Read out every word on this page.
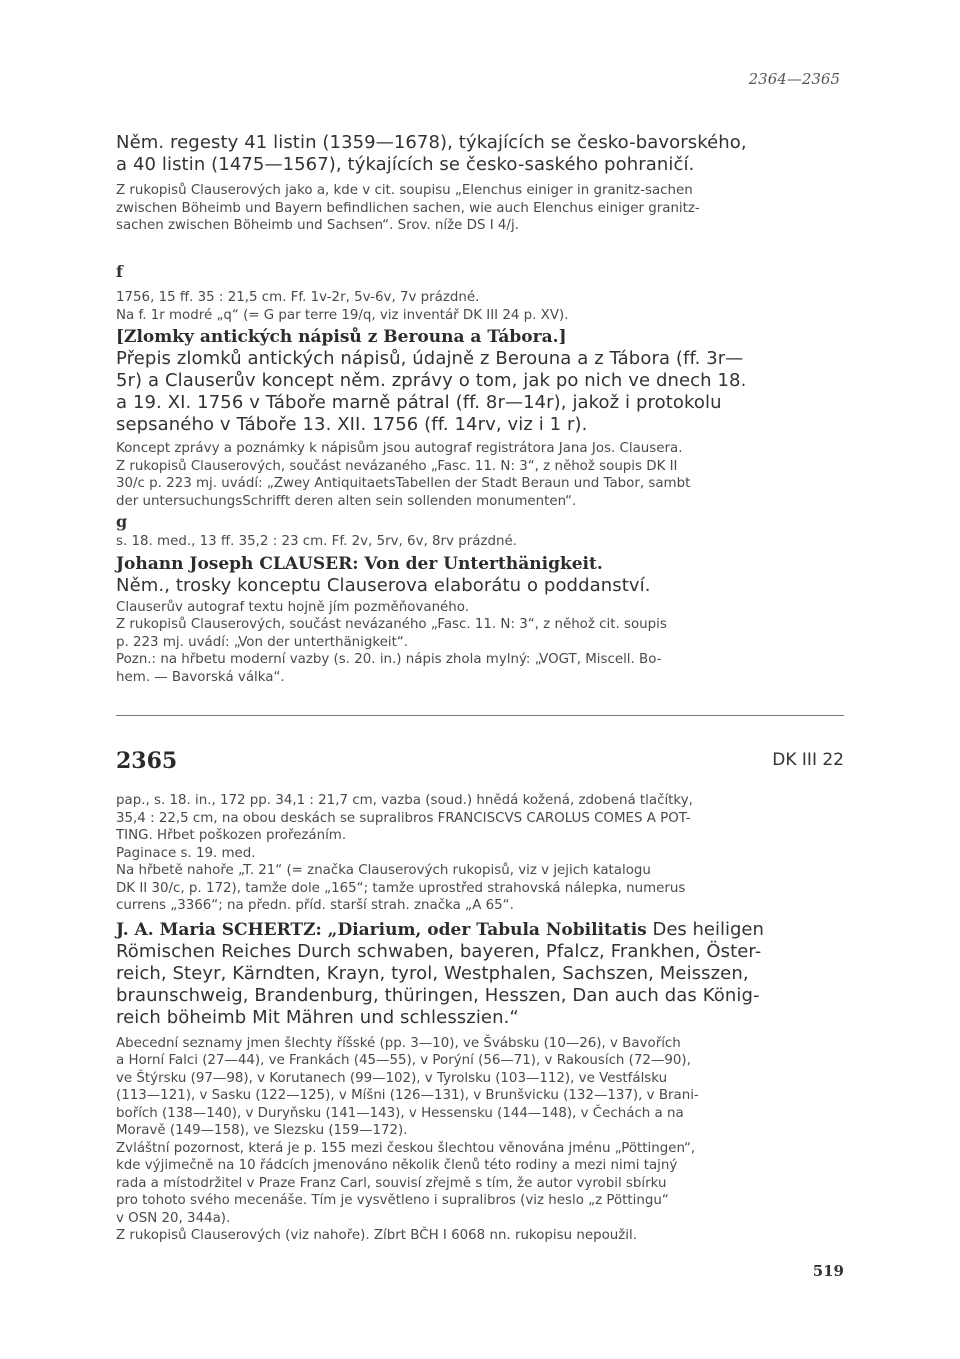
2364—2365

Něm. regesty 41 listin (1359—1678), týkajících se česko-bavorského,

a 40 listin (1475—1567), týkajících se česko-saského pohraničí.

Z rukopisů Clauserových jako a, kde v cit. soupisu „Elenchus einiger in granitz-sachen

zwischen Böheimb und Bayern befindlichen sachen, wie auch Elenchus einiger granitz-

sachen zwischen Böheimb und Sachsen“. Srov. níže DS I 4/j.

f

1756, 15 ff. 35 : 21,5 cm. Ff. 1v-2r, 5v-6v, 7v prázdné.

Na f. 1r modré „q“ (= G par terre 19/q, viz inventář DK III 24 p. XV).

[Zlomky antických nápisů z Berouna a Tábora.]

Přepis zlomků antických nápisů, údajně z Berouna a z Tábora (ff. 3r—

5r) a Clauserův koncept něm. zprávy o tom, jak po nich ve dnech 18.

a 19. XI. 1756 v Táboře marně pátral (ff. 8r—14r), jakož i protokolu

sepsaného v Táboře 13. XII. 1756 (ff. 14rv, viz i 1 r).

Koncept zprávy a poznámky k nápisům jsou autograf registrátora Jana Jos. Clausera.

Z rukopisů Clauserových, součást nevázaného „Fasc. 11. N: 3“, z něhož soupis DK II

30/c p. 223 mj. uvádí: „Zwey AntiquitaetsTabellen der Stadt Beraun und Tabor, sambt

der untersuchungsSchrifft deren alten sein sollenden monumenten“.

g

s. 18. med., 13 ff. 35,2 : 23 cm. Ff. 2v, 5rv, 6v, 8rv prázdné.

Johann Joseph CLAUSER: Von der Unterthänigkeit.

Něm., trosky konceptu Clauserova elaborátu o poddanství.

Clauserův autograf textu hojně jím pozměňovaného.

Z rukopisů Clauserových, součást nevázaného „Fasc. 11. N: 3“, z něhož cit. soupis

p. 223 mj. uvádí: „Von der unterthänigkeit“.

Pozn.: na hřbetu moderní vazby (s. 20. in.) nápis zhola mylný: „VOGT, Miscell. Bo-

hem. — Bavorská válka“.

2365	DK III 22

pap., s. 18. in., 172 pp. 34,1 : 21,7 cm, vazba (soud.) hnědá kožená, zdobená tlačítky,

35,4 : 22,5 cm, na obou deskách se supralibros FRANCISCVS CAROLUS COMES A POT-

TING. Hřbet poškozen prořezáním.

Paginace s. 19. med.

Na hřbetě nahoře „T. 21“ (= značka Clauserových rukopisů, viz v jejich katalogu

DK II 30/c, p. 172), tamže dole „165“; tamže uprostřed strahovská nálepka, numerus

currens „3366“; na předn. příd. starší strah. značka „A 65“.

J. A. Maria SCHERTZ: „Diarium, oder Tabula Nobilitatis Des heiligen

Römischen Reiches Durch schwaben, bayeren, Pfalcz, Frankhen, Öster-

reich, Steyr, Kärndten, Krayn, tyrol, Westphalen, Sachszen, Meisszen,

braunschweig, Brandenburg, thüringen, Hesszen, Dan auch das König-

reich böheimb Mit Mähren und schlesszien.“

Abecední seznamy jmen šlechty říšské (pp. 3—10), ve Švábsku (10—26), v Bavořích

a Horní Falci (27—44), ve Frankách (45—55), v Porýní (56—71), v Rakousích (72—90),

ve Štýrsku (97—98), v Korutanech (99—102), v Tyrolsku (103—112), ve Vestfálsku

(113—121), v Sasku (122—125), v Míšni (126—131), v Brunšvicku (132—137), v Brani-

bořích (138—140), v Duryňsku (141—143), v Hessensku (144—148), v Čechách a na

Moravě (149—158), ve Slezsku (159—172).

Zvláštní pozornost, která je p. 155 mezi českou šlechtou věnována jménu „Pöttingen“,

kde výjimečně na 10 řádcích jmenováno několik členů této rodiny a mezi nimi tajný

rada a místodržitel v Praze Franz Carl, souvisí zřejmě s tím, že autor vyrobil sbírku

pro tohoto svého mecenáše. Tím je vysvětleno i supralibros (viz heslo „z Pöttingu“

v OSN 20, 344a).

Z rukopisů Clauserových (viz nahoře). Zíbrt BČH I 6068 nn. rukopisu nepoužil.

519
